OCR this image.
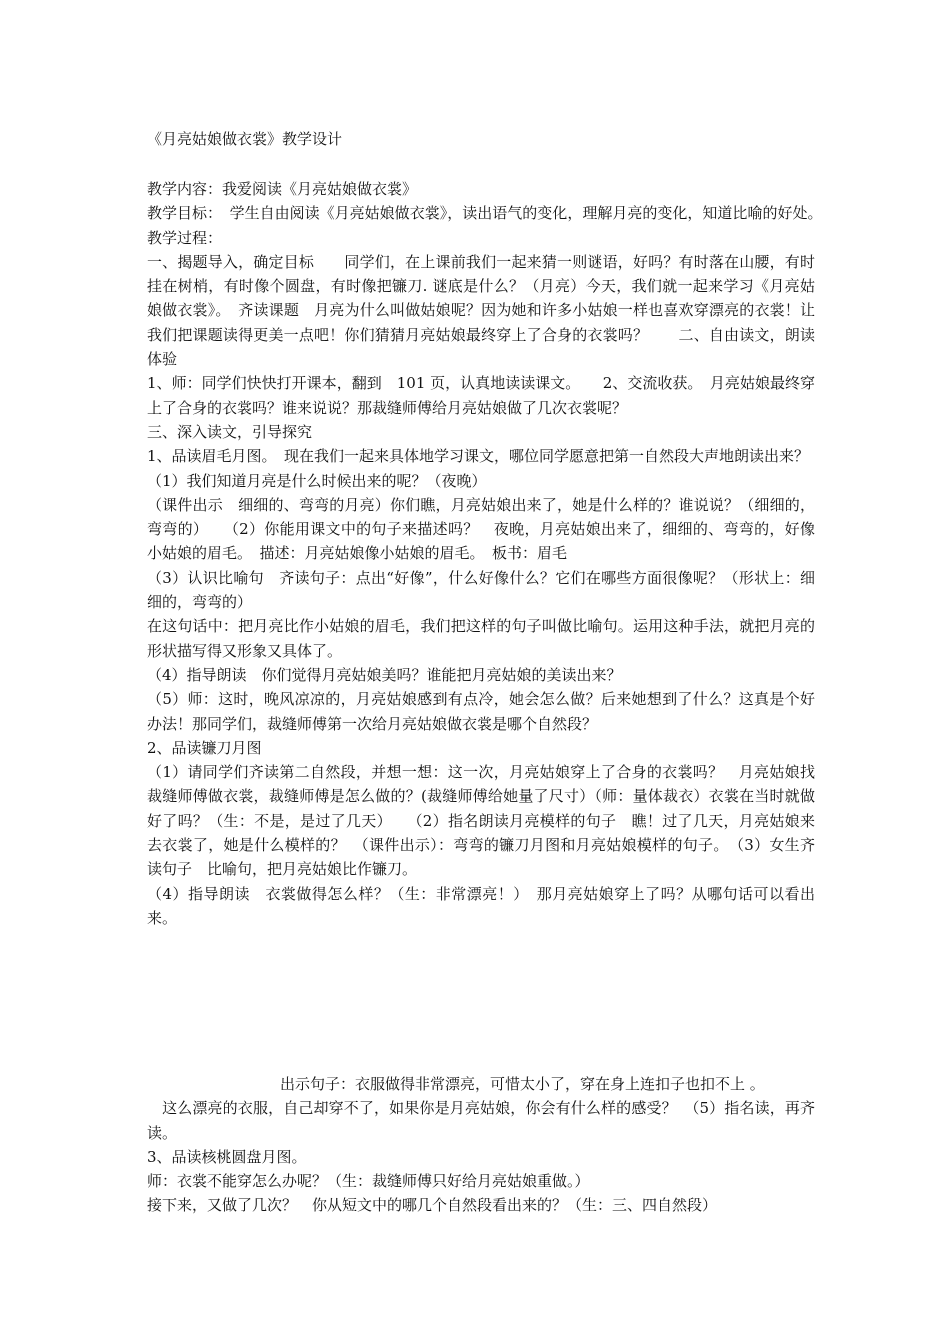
《月亮姑娘做衣裳》教学设计

教学内容：我爱阅读《月亮姑娘做衣裳》

教学目标：　学生自由阅读《月亮姑娘做衣裳》，读出语气的变化，理解月亮的变化，知道比喻的好处。　　教学过程：

一、揭题导入，确定目标　　同学们，在上课前我们一起来猜一则谜语，好吗？有时落在山腰，有时挂在树梢，有时像个圆盘，有时像把镰刀. 谜底是什么？（月亮）今天，我们就一起来学习《月亮姑娘做衣裳》。　齐读课题　月亮为什么叫做姑娘呢？因为她和许多小姑娘一样也喜欢穿漂亮的衣裳！让我们把课题读得更美一点吧！你们猜猜月亮姑娘最终穿上了合身的衣裳吗？　　二、自由读文，朗读体验

1、师：同学们快快打开课本，翻到　101 页，认真地读读课文。　　2、交流收获。　月亮姑娘最终穿上了合身的衣裳吗？谁来说说？那裁缝师傅给月亮姑娘做了几次衣裳呢？

三、深入读文，引导探究

1、品读眉毛月图。　现在我们一起来具体地学习课文，哪位同学愿意把第一自然段大声地朗读出来？

（1）我们知道月亮是什么时候出来的呢？（夜晚）

（课件出示　细细的、弯弯的月亮）你们瞧，月亮姑娘出来了，她是什么样的？谁说说？（细细的，弯弯的）　　（2）你能用课文中的句子来描述吗？　夜晚，月亮姑娘出来了，细细的、弯弯的，好像小姑娘的眉毛。　描述：月亮姑娘像小姑娘的眉毛。　板书：眉毛

（3）认识比喻句　齐读句子：点出“好像”，什么好像什么？它们在哪些方面很像呢？（形状上：细细的，弯弯的）

在这句话中：把月亮比作小姑娘的眉毛，我们把这样的句子叫做比喻句。运用这种手法，就把月亮的形状描写得又形象又具体了。

（4）指导朗读　你们觉得月亮姑娘美吗？谁能把月亮姑娘的美读出来？

（5）师：这时，晚风凉凉的，月亮姑娘感到有点冷，她会怎么做？后来她想到了什么？这真是个好办法！那同学们，裁缝师傅第一次给月亮姑娘做衣裳是哪个自然段？

2、品读镰刀月图

（1）请同学们齐读第二自然段，并想一想：这一次，月亮姑娘穿上了合身的衣裳吗？　月亮姑娘找裁缝师傅做衣裳，裁缝师傅是怎么做的？(裁缝师傅给她量了尺寸）（师：量体裁衣）衣裳在当时就做好了吗？（生：不是，是过了几天）　　（2）指名朗读月亮模样的句子　瞧！过了几天，月亮姑娘来去衣裳了，她是什么模样的？　（课件出示）：弯弯的镰刀月图和月亮姑娘模样的句子。　（3）女生齐读句子　比喻句，把月亮姑娘比作镰刀。

（4）指导朗读　衣裳做得怎么样？（生：非常漂亮！）　那月亮姑娘穿上了吗？从哪句话可以看出来。

出示句子：衣服做得非常漂亮，可惜太小了，穿在身上连扣子也扣不上 。

　这么漂亮的衣服，自己却穿不了，如果你是月亮姑娘，你会有什么样的感受？　（5）指名读，再齐读。

3、品读核桃圆盘月图。

师：衣裳不能穿怎么办呢？（生：裁缝师傅只好给月亮姑娘重做。）

接下来，又做了几次？　你从短文中的哪几个自然段看出来的？（生：三、四自然段）
